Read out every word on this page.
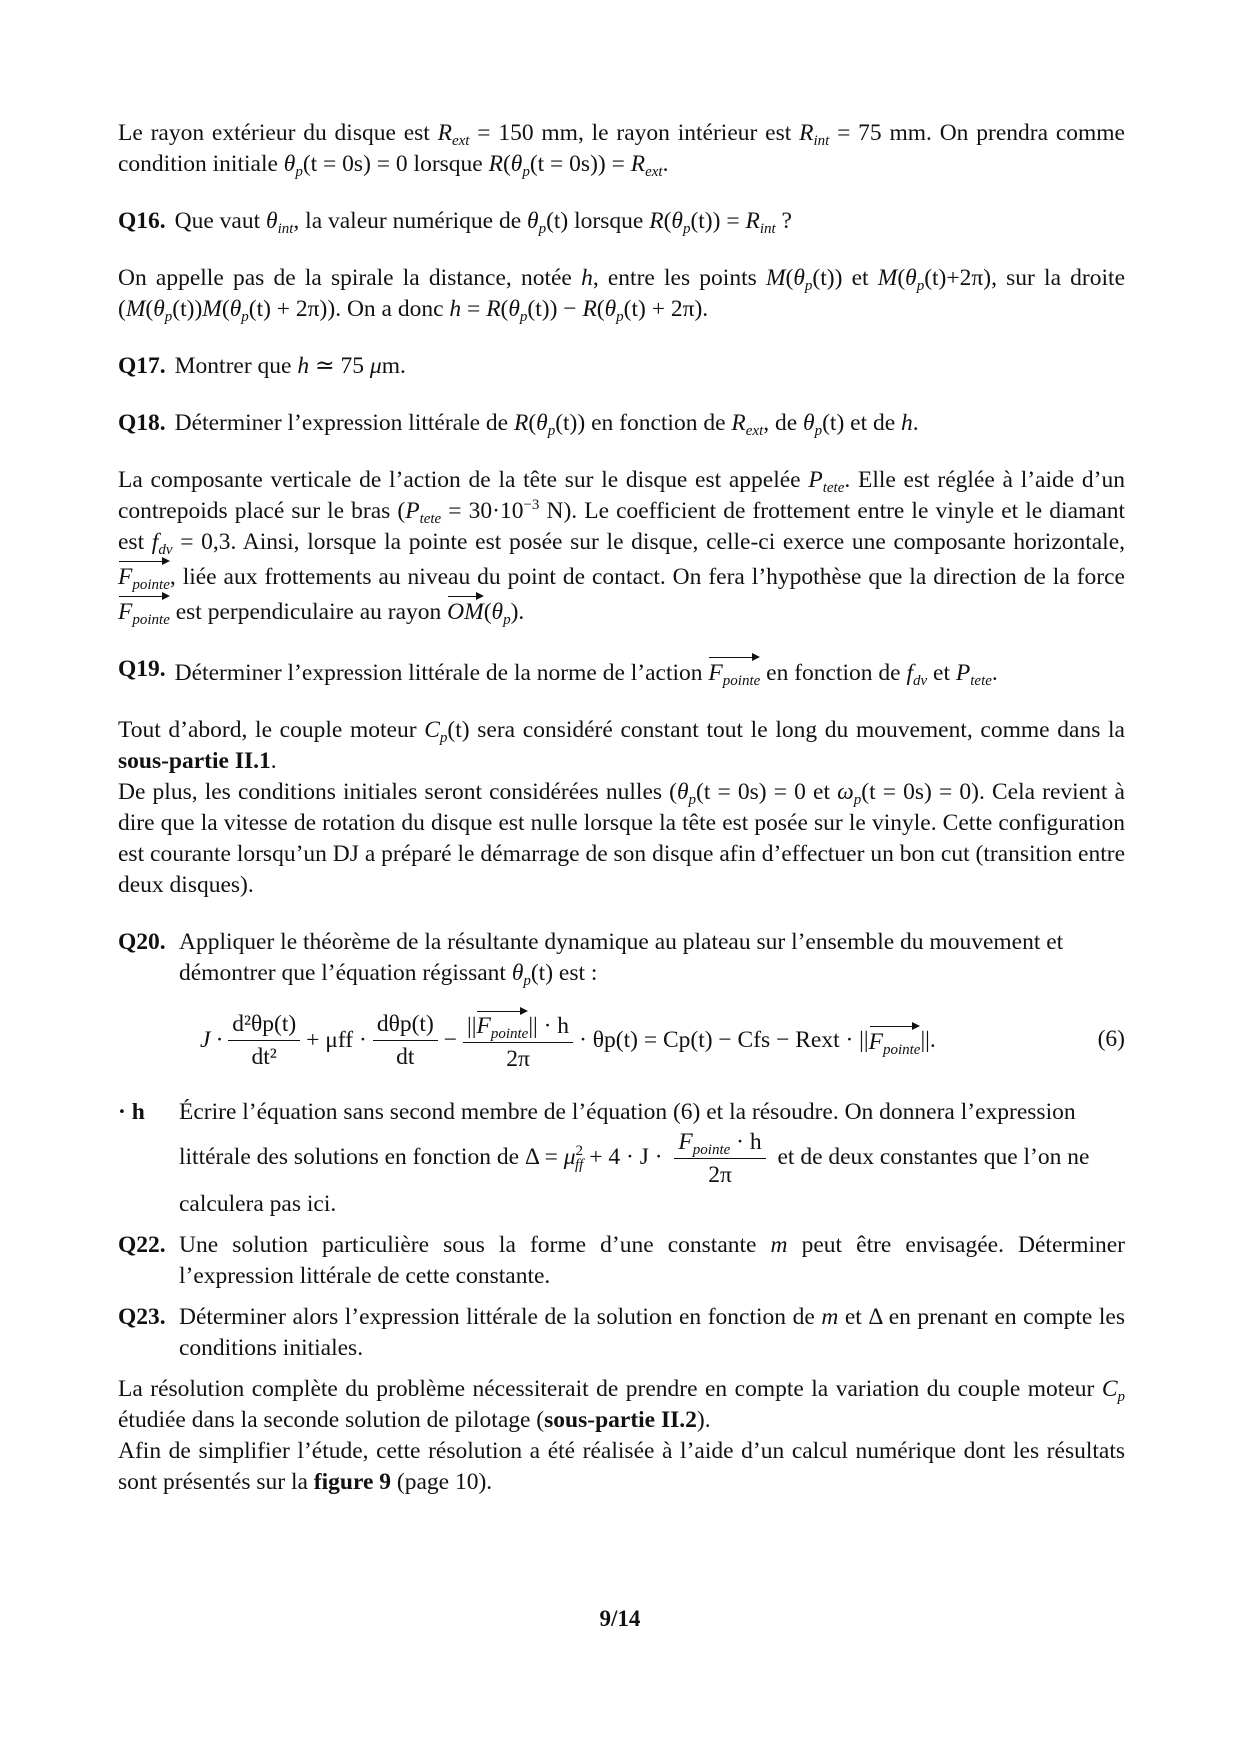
Le rayon extérieur du disque est $R_{ext} = 150$ mm, le rayon intérieur est $R_{int} = 75$ mm. On prendra comme condition initiale $\theta_p(t = 0s) = 0$ lorsque $R(\theta_p(t = 0s)) = R_{ext}$.

Q16. Que vaut $\theta_{int}$, la valeur numérique de $\theta_p(t)$ lorsque $R(\theta_p(t)) = R_{int}$ ?

On appelle pas de la spirale la distance, notée h, entre les points $M(\theta_p(t))$ et $M(\theta_p(t)+2\pi)$, sur la droite $(M(\theta_p(t))M(\theta_p(t) + 2\pi))$. On a donc $h = R(\theta_p(t)) - R(\theta_p(t) + 2\pi)$.

Q17. Montrer que h ≃ 75 μm.
Q18. Déterminer l’expression littérale de $R(\theta_p(t))$ en fonction de $R_{ext}$, de $\theta_p(t)$ et de h.

La composante verticale de l’action de la tête sur le disque est appelée $P_{tete}$. Elle est réglée à l’aide d’un contrepoids placé sur le bras ($P_{tete} = 30\cdot 10^{-3}$ N). Le coefficient de frottement entre le vinyle et le diamant est $f_{dv} = 0,3$. Ainsi, lorsque la pointe est posée sur le disque, celle-ci exerce une composante horizontale, $F_{pointe}$, liée aux frottements au niveau du point de contact. On fera l’hypothèse que la direction de la force $F_{pointe}$ est perpendiculaire au rayon $OM(\theta_p)$.

Q19. Déterminer l’expression littérale de la norme de l’action $F_{pointe}$ en fonction de $f_{dv}$ et $P_{tete}$.

Tout d’abord, le couple moteur $C_p(t)$ sera considéré constant tout le long du mouvement, comme dans la sous-partie II.1.
De plus, les conditions initiales seront considérées nulles ($\theta_p(t = 0s) = 0$ et $\omega_p(t = 0s) = 0$). Cela revient à dire que la vitesse de rotation du disque est nulle lorsque la tête est posée sur le vinyle. Cette configuration est courante lorsqu’un DJ a préparé le démarrage de son disque afin d’effectuer un bon cut (transition entre deux disques).

Q20. Appliquer le théorème de la résultante dynamique au plateau sur l’ensemble du mouvement et démontrer que l’équation régissant $\theta_p(t)$ est :
$J \cdot \frac{\text{d²θp(t)}}{\text{dt²}} + \mu ff \cdot \frac{\text{dθp(t)}}{dt} - \frac{||F_{pointe}|| \cdot h}{2\pi} \cdot \theta p(t) = Cp(t)$ − Cfs − Rext · || $F_{pointe}$ ||.	(6)
· h	Écrire l’équation sans second membre de l’équation (6) et la résoudre. On donnera l’expression littérale des solutions en fonction de $\Delta = \mu^2_{ff} + 4 \cdot J \cdot \frac{F_{pointe} \cdot h}{2\pi}$ et de deux constantes que l’on ne calculera pas ici.
Q22. Une solution particulière sous la forme d’une constante m peut être envisagée. Déterminer l’expression littérale de cette constante.
Q23. Déterminer alors l’expression littérale de la solution en fonction de m et Δ en prenant en compte les conditions initiales.

La résolution complète du problème nécessiterait de prendre en compte la variation du couple moteur $C_p$ étudiée dans la seconde solution de pilotage (sous-partie II.2).
Afin de simplifier l’étude, cette résolution a été réalisée à l’aide d’un calcul numérique dont les résultats sont présentés sur la figure 9 (page 10).

9/14
